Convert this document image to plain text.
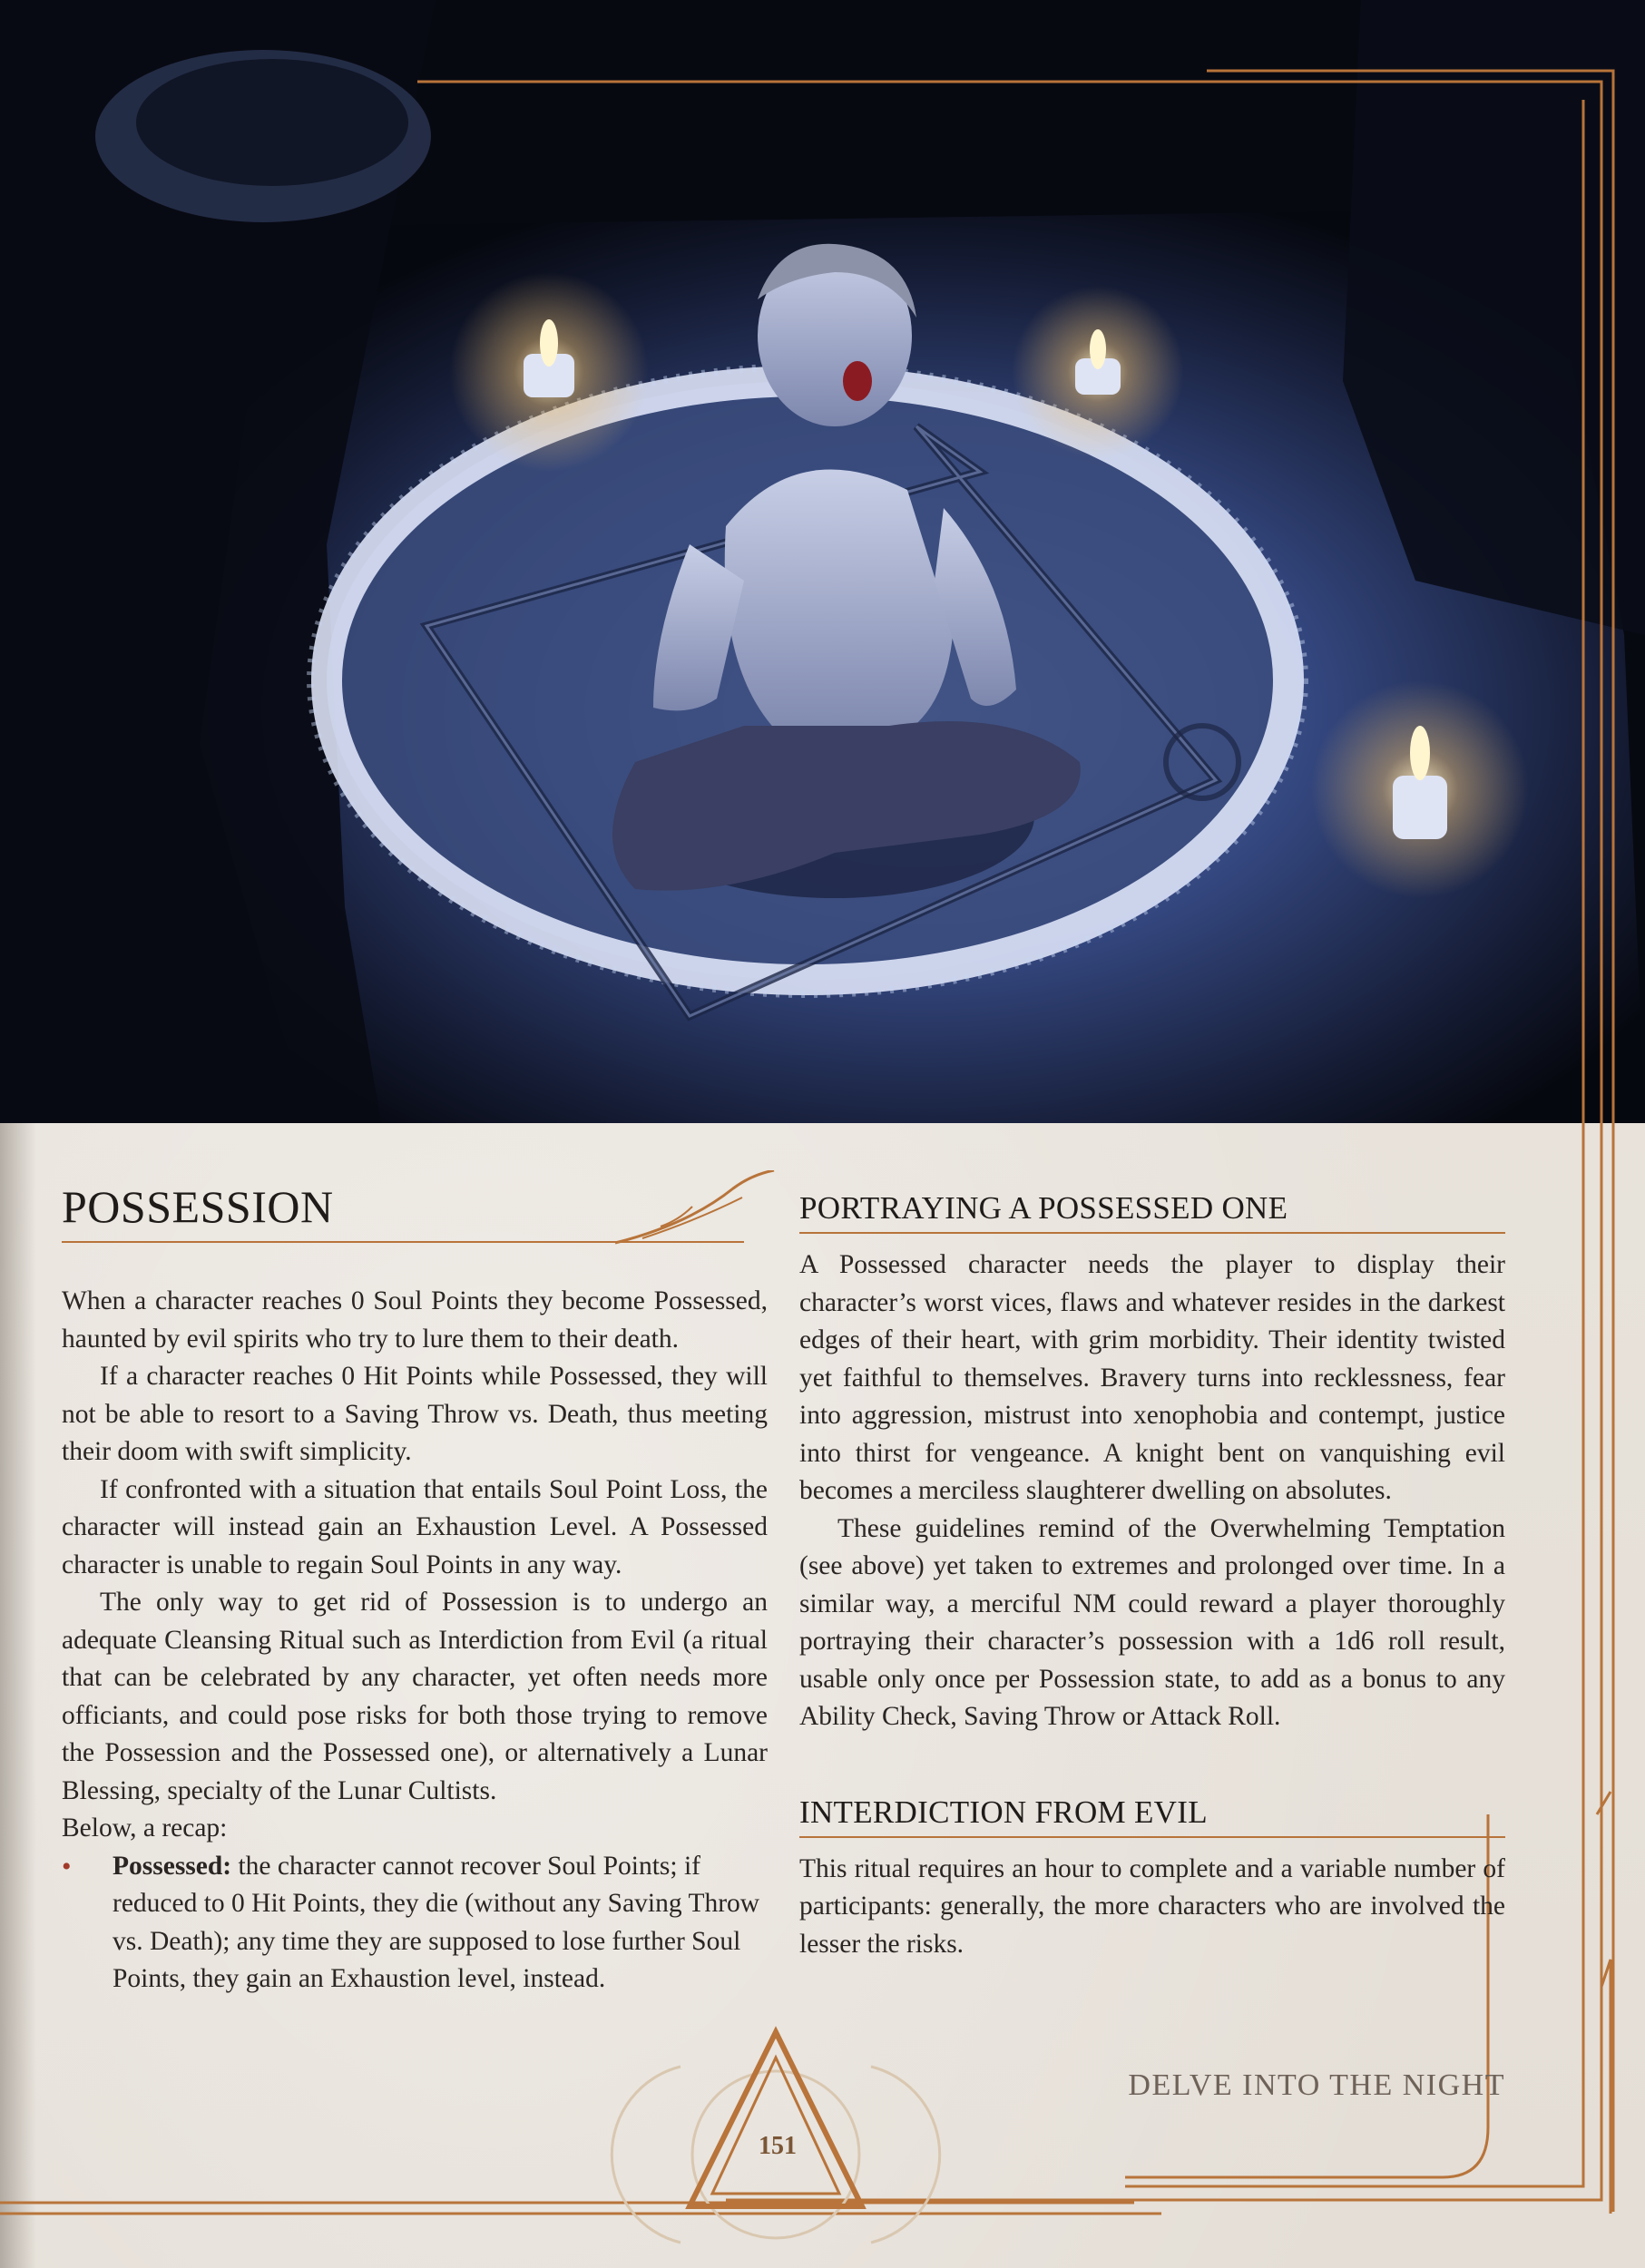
POSSESSION

When a character reaches 0 Soul Points they become Possessed, haunted by evil spirits who try to lure them to their death.

If a character reaches 0 Hit Points while Possessed, they will not be able to resort to a Saving Throw vs. Death, thus meeting their doom with swift simplicity.

If confronted with a situation that entails Soul Point Loss, the character will instead gain an Exhaustion Level. A Possessed character is unable to regain Soul Points in any way.

The only way to get rid of Possession is to undergo an adequate Cleansing Ritual such as Interdiction from Evil (a ritual that can be celebrated by any character, yet often needs more officiants, and could pose risks for both those trying to remove the Possession and the Possessed one), or alternatively a Lunar Blessing, specialty of the Lunar Cultists.

Below, a recap:

• Possessed: the character cannot recover Soul Points; if reduced to 0 Hit Points, they die (without any Saving Throw vs. Death); any time they are supposed to lose further Soul Points, they gain an Exhaustion level, instead.
PORTRAYING A POSSESSED ONE

A Possessed character needs the player to display their character’s worst vices, flaws and whatever resides in the darkest edges of their heart, with grim morbidity. Their identity twisted yet faithful to themselves. Bravery turns into recklessness, fear into aggression, mistrust into xenophobia and contempt, justice into thirst for vengeance. A knight bent on vanquishing evil becomes a merciless slaughterer dwelling on absolutes.

These guidelines remind of the Overwhelming Temptation (see above) yet taken to extremes and prolonged over time. In a similar way, a merciful NM could reward a player thoroughly portraying their character’s possession with a 1d6 roll result, usable only once per Possession state, to add as a bonus to any Ability Check, Saving Throw or Attack Roll.

INTERDICTION FROM EVIL

This ritual requires an hour to complete and a variable number of participants: generally, the more characters who are involved the lesser the risks.

DELVE INTO THE NIGHT
151
